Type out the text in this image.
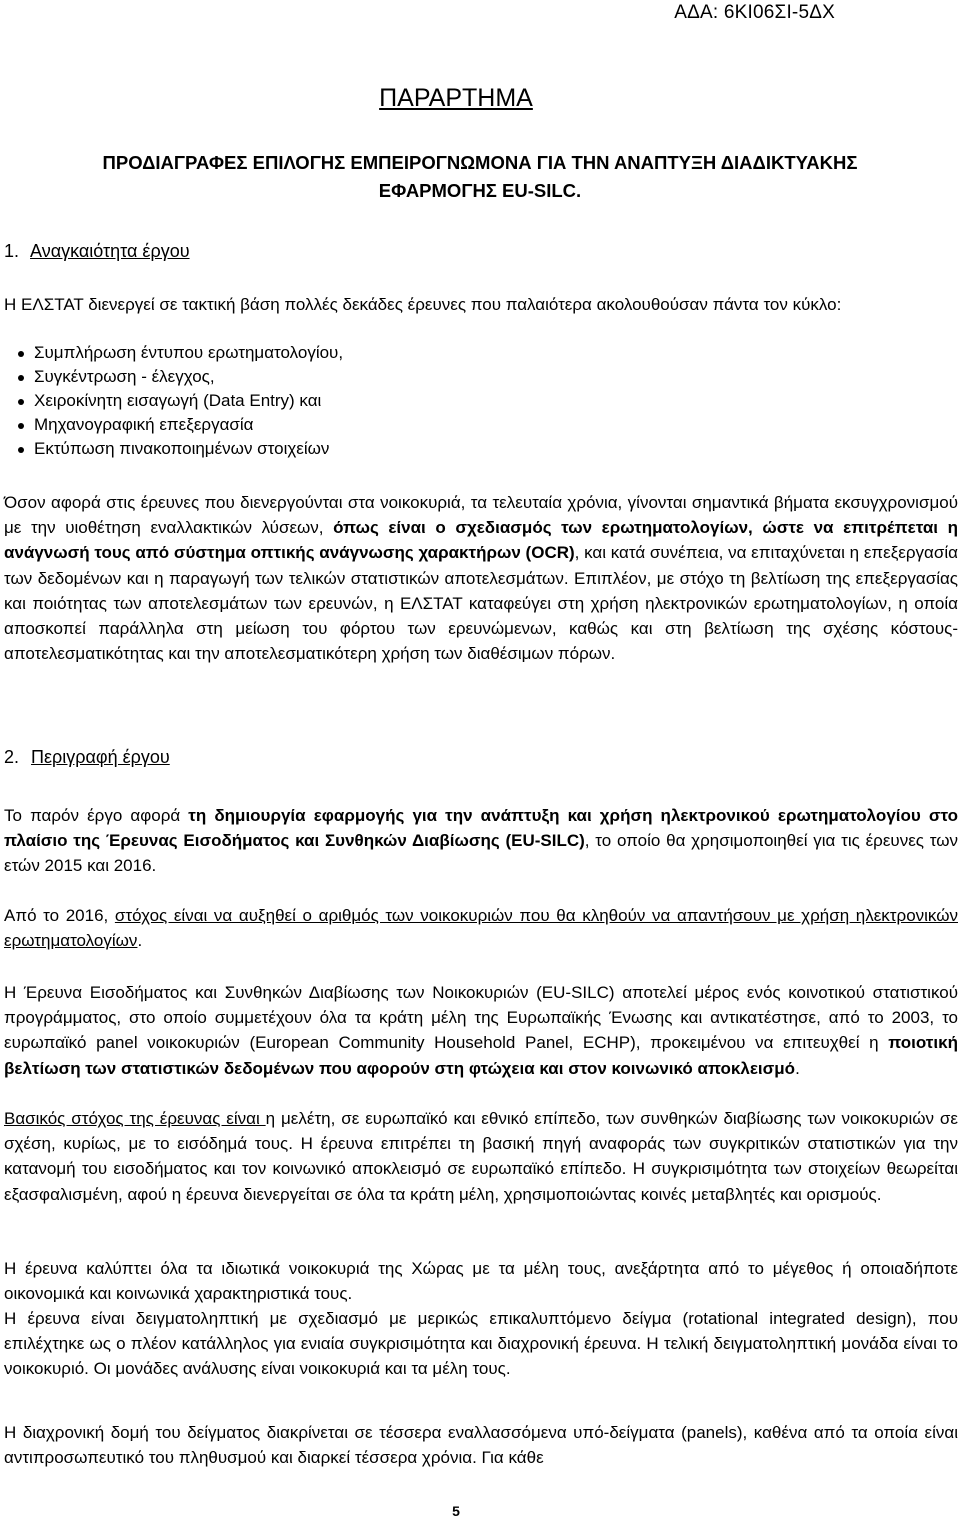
ΑΔΑ: 6ΚΙ06ΣΙ-5ΔΧ
ΠΑΡΑΡΤΗΜΑ
ΠΡΟΔΙΑΓΡΑΦΕΣ ΕΠΙΛΟΓΗΣ ΕΜΠΕΙΡΟΓΝΩΜΟΝΑ ΓΙΑ ΤΗΝ ΑΝΑΠΤΥΞΗ ΔΙΑΔΙΚΤΥΑΚΗΣ
ΕΦΑΡΜΟΓΗΣ EU-SILC.
1. Αναγκαιότητα έργου

Η ΕΛΣΤΑΤ διενεργεί σε τακτική βάση πολλές δεκάδες έρευνες που παλαιότερα ακολουθούσαν πάντα τον κύκλο:

Συμπλήρωση έντυπου ερωτηματολογίου,
Συγκέντρωση - έλεγχος,
Χειροκίνητη εισαγωγή (Data Entry) και
Μηχανογραφική επεξεργασία
Εκτύπωση πινακοποιημένων στοιχείων

Όσον αφορά στις έρευνες που διενεργούνται στα νοικοκυριά, τα τελευταία χρόνια, γίνονται σημαντικά βήματα εκσυγχρονισμού με την υιοθέτηση εναλλακτικών λύσεων, όπως είναι ο σχεδιασμός των ερωτηματολογίων, ώστε να επιτρέπεται η ανάγνωσή τους από σύστημα οπτικής ανάγνωσης χαρακτήρων (OCR), και κατά συνέπεια, να επιταχύνεται η επεξεργασία των δεδομένων και η παραγωγή των τελικών στατιστικών αποτελεσμάτων. Επιπλέον, με στόχο τη βελτίωση της επεξεργασίας και ποιότητας των αποτελεσμάτων των ερευνών, η ΕΛΣΤΑΤ καταφεύγει στη χρήση ηλεκτρονικών ερωτηματολογίων, η οποία αποσκοπεί παράλληλα στη μείωση του φόρτου των ερευνώμενων, καθώς και στη βελτίωση της σχέσης κόστους-αποτελεσματικότητας και την αποτελεσματικότερη χρήση των διαθέσιμων πόρων.

2. Περιγραφή έργου

Το παρόν έργο αφορά τη δημιουργία εφαρμογής για την ανάπτυξη και χρήση ηλεκτρονικού ερωτηματολογίου στο πλαίσιο της Έρευνας Εισοδήματος και Συνθηκών Διαβίωσης (EU-SILC), το οποίο θα χρησιμοποιηθεί για τις έρευνες των ετών 2015 και 2016.

Από το 2016, στόχος είναι να αυξηθεί ο αριθμός των νοικοκυριών που θα κληθούν να απαντήσουν με χρήση ηλεκτρονικών ερωτηματολογίων.

Η Έρευνα Εισοδήματος και Συνθηκών Διαβίωσης των Νοικοκυριών (EU-SILC) αποτελεί μέρος ενός κοινοτικού στατιστικού προγράμματος, στο οποίο συμμετέχουν όλα τα κράτη μέλη της Ευρωπαϊκής Ένωσης και αντικατέστησε, από το 2003, το ευρωπαϊκό panel νοικοκυριών (European Community Household Panel, ECHP), προκειμένου να επιτευχθεί η ποιοτική βελτίωση των στατιστικών δεδομένων που αφορούν στη φτώχεια και στον κοινωνικό αποκλεισμό.

Βασικός στόχος της έρευνας είναι η μελέτη, σε ευρωπαϊκό και εθνικό επίπεδο, των συνθηκών διαβίωσης των νοικοκυριών σε σχέση, κυρίως, με το εισόδημά τους. Η έρευνα επιτρέπει τη βασική πηγή αναφοράς των συγκριτικών στατιστικών για την κατανομή του εισοδήματος και τον κοινωνικό αποκλεισμό σε ευρωπαϊκό επίπεδο. Η συγκρισιμότητα των στοιχείων θεωρείται εξασφαλισμένη, αφού η έρευνα διενεργείται σε όλα τα κράτη μέλη, χρησιμοποιώντας κοινές μεταβλητές και ορισμούς.

Η έρευνα καλύπτει όλα τα ιδιωτικά νοικοκυριά της Χώρας με τα μέλη τους, ανεξάρτητα από το μέγεθος ή οποιαδήποτε οικονομικά και κοινωνικά χαρακτηριστικά τους.

Η έρευνα είναι δειγματοληπτική με σχεδιασμό με μερικώς επικαλυπτόμενο δείγμα (rotational integrated design), που επιλέχτηκε ως ο πλέον κατάλληλος για ενιαία συγκρισιμότητα και διαχρονική έρευνα. Η τελική δειγματοληπτική μονάδα είναι το νοικοκυριό. Οι μονάδες ανάλυσης είναι νοικοκυριά και τα μέλη τους.

Η διαχρονική δομή του δείγματος διακρίνεται σε τέσσερα εναλλασσόμενα υπό-δείγματα (panels), καθένα από τα οποία είναι αντιπροσωπευτικό του πληθυσμού και διαρκεί τέσσερα χρόνια. Για κάθε

5
